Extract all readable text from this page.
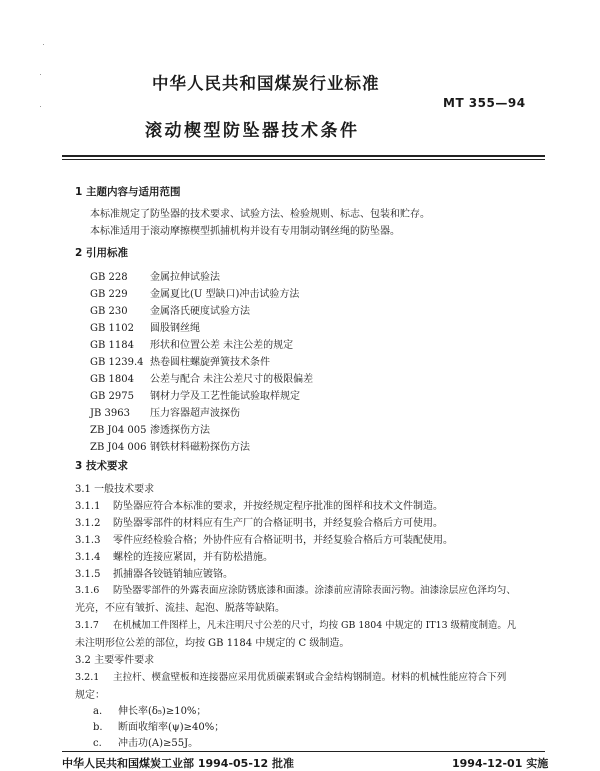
中华人民共和国煤炭行业标准
MT 355—94
滚动楔型防坠器技术条件
1 主题内容与适用范围
本标准规定了防坠器的技术要求、试验方法、检验规则、标志、包装和贮存。
本标准适用于滚动摩擦楔型抓捕机构并设有专用制动钢丝绳的防坠器。
2 引用标准
GB 228 金属拉伸试验法
GB 229 金属夏比(U 型缺口)冲击试验方法
GB 230 金属洛氏硬度试验方法
GB 1102 圆股钢丝绳
GB 1184 形状和位置公差 未注公差的规定
GB 1239.4 热卷圆柱螺旋弹簧技术条件
GB 1804 公差与配合 未注公差尺寸的极限偏差
GB 2975 钢材力学及工艺性能试验取样规定
JB 3963 压力容器超声波探伤
ZB J04 005 渗透探伤方法
ZB J04 006 钢铁材料磁粉探伤方法
3 技术要求
3.1 一般技术要求
3.1.1 防坠器应符合本标准的要求，并按经规定程序批准的图样和技术文件制造。
3.1.2 防坠器零部件的材料应有生产厂的合格证明书，并经复验合格后方可使用。
3.1.3 零件应经检验合格；外协件应有合格证明书，并经复验合格后方可装配使用。
3.1.4 螺栓的连接应紧固，并有防松措施。
3.1.5 抓捕器各铰链销轴应镀铬。
3.1.6 防坠器零部件的外露表面应涂防锈底漆和面漆。涂漆前应清除表面污物。油漆涂层应色泽均匀、
光亮，不应有皱折、流挂、起泡、脱落等缺陷。
3.1.7 在机械加工件图样上，凡未注明尺寸公差的尺寸，均按 GB 1804 中规定的 IT13 级精度制造。凡
未注明形位公差的部位，均按 GB 1184 中规定的 C 级制造。
3.2 主要零件要求
3.2.1 主拉杆、楔盒壁板和连接器应采用优质碳素钢或合金结构钢制造。材料的机械性能应符合下列
规定：
a. 伸长率(δ₅)≥10%；
b. 断面收缩率(ψ)≥40%；
c. 冲击功(A)≥55J。
中华人民共和国煤炭工业部 1994-05-12 批准	1994-12-01 实施
